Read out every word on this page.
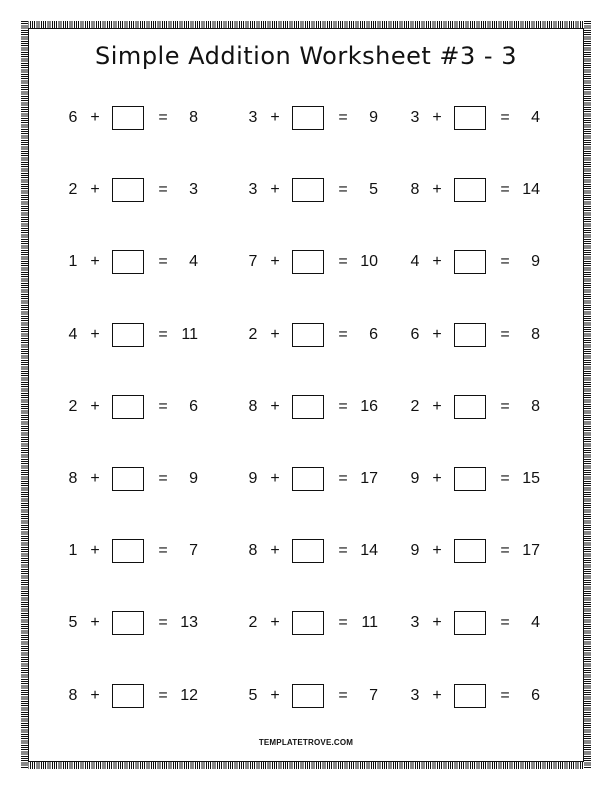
Simple Addition Worksheet #3 - 3
6 +	=	8	3 +	=	9 3 +	=	4
2 +	=	3	3 +	=	5 8 +	= 14
1 +	=	4	7 +	= 10 4 +	=	9
4 +	= 11	2 +	=	6 6 +	=	8
2 +	=	6	8 +	= 16 2 +	=	8
8 +	=	9	9 +	= 17 9 +	= 15
1 +	=	7	8 +	= 14 9 +	= 17
5 +	= 13	2 +	= 11 3 +	=	4
8 +	= 12	5 +	=	7 3 +	=	6
TEMPLATETROVE.COM
